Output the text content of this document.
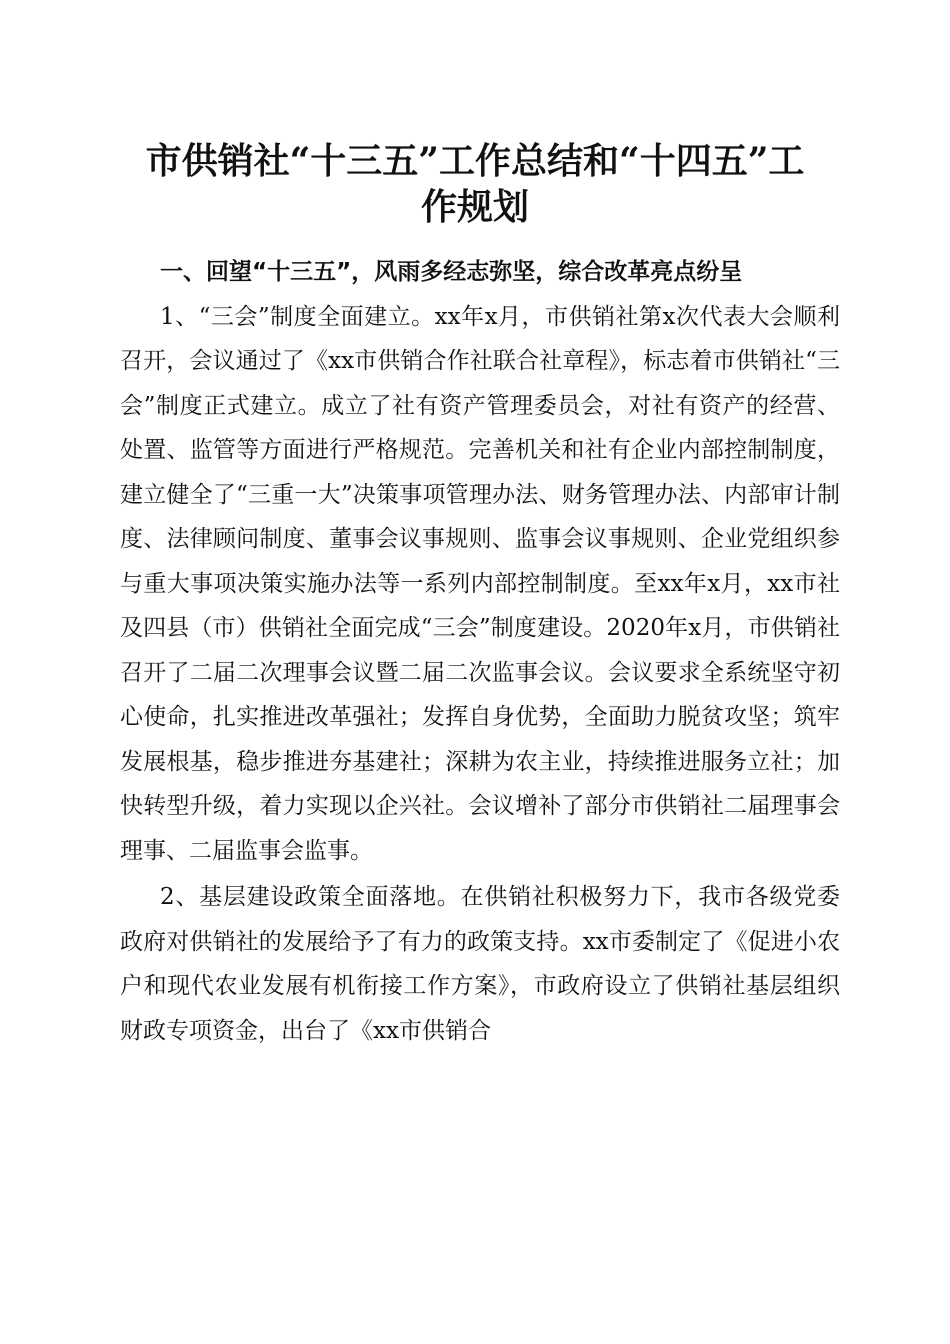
市供销社“十三五”工作总结和“十四五”工
作规划

一、回望“十三五”，风雨多经志弥坚，综合改革亮点纷呈

1、“三会”制度全面建立。xx年x月，市供销社第x次代表大会顺利召开，会议通过了《xx市供销合作社联合社章程》，标志着市供销社“三会”制度正式建立。成立了社有资产管理委员会，对社有资产的经营、处置、监管等方面进行严格规范。完善机关和社有企业内部控制制度，建立健全了“三重一大”决策事项管理办法、财务管理办法、内部审计制度、法律顾问制度、董事会议事规则、监事会议事规则、企业党组织参与重大事项决策实施办法等一系列内部控制制度。至xx年x月，xx市社及四县（市）供销社全面完成“三会”制度建设。2020年x月，市供销社召开了二届二次理事会议暨二届二次监事会议。会议要求全系统坚守初心使命，扎实推进改革强社；发挥自身优势，全面助力脱贫攻坚；筑牢发展根基，稳步推进夯基建社；深耕为农主业，持续推进服务立社；加快转型升级，着力实现以企兴社。会议增补了部分市供销社二届理事会理事、二届监事会监事。

2、基层建设政策全面落地。在供销社积极努力下，我市各级党委政府对供销社的发展给予了有力的政策支持。xx市委制定了《促进小农户和现代农业发展有机衔接工作方案》，市政府设立了供销社基层组织财政专项资金，出台了《xx市供销合
